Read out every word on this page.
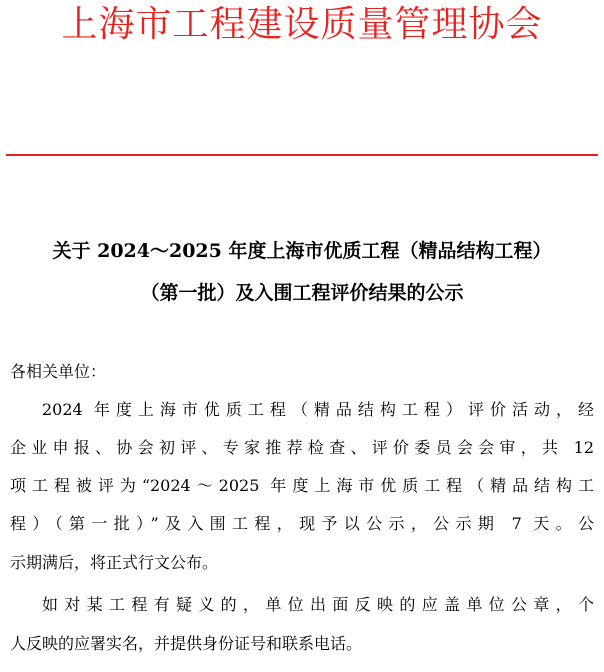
上海市工程建设质量管理协会
关于 2024～2025 年度上海市优质工程（精品结构工程）
（第一批）及入围工程评价结果的公示
各相关单位：
2024 年度上海市优质工程（精品结构工程）评价活动，经
企业申报、协会初评、专家推荐检查、评价委员会会审，共 12
项工程被评为“2024～2025 年度上海市优质工程（精品结构工
程）（第一批）”及入围工程，现予以公示，公示期 7 天。公
示期满后，将正式行文公布。
如对某工程有疑义的，单位出面反映的应盖单位公章，个
人反映的应署实名，并提供身份证号和联系电话。
